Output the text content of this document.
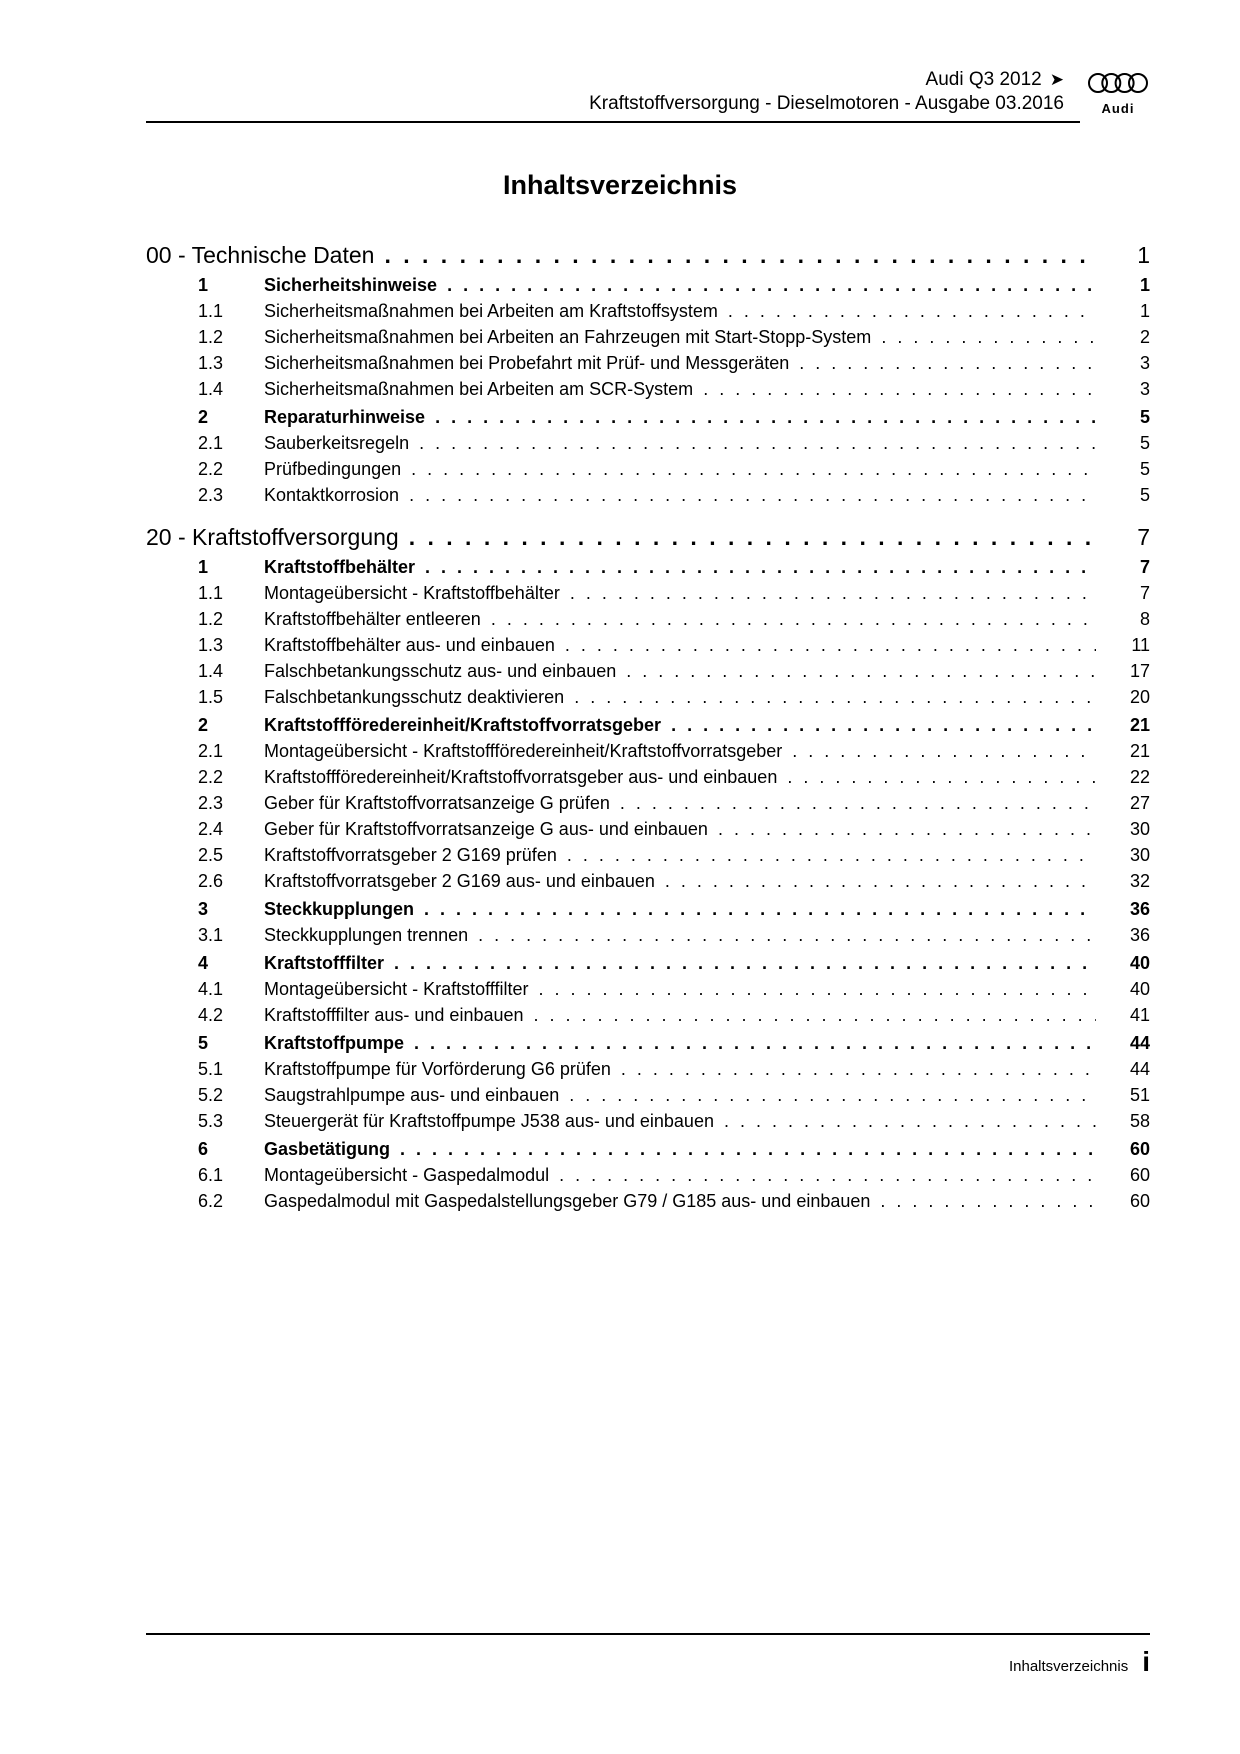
Audi Q3 2012 ➤
Kraftstoffversorgung - Dieselmotoren - Ausgabe 03.2016	Audi
Inhaltsverzeichnis
00 - Technische Daten . . .	1
1	Sicherheitshinweise . . .	1
1.1	Sicherheitsmaßnahmen bei Arbeiten am Kraftstoffsystem . . .	1
1.2	Sicherheitsmaßnahmen bei Arbeiten an Fahrzeugen mit Start-Stopp-System . . .	2
1.3	Sicherheitsmaßnahmen bei Probefahrt mit Prüf- und Messgeräten . . .	3
1.4	Sicherheitsmaßnahmen bei Arbeiten am SCR-System . . .	3
2	Reparaturhinweise . . .	5
2.1	Sauberkeitsregeln . . .	5
2.2	Prüfbedingungen . . .	5
2.3	Kontaktkorrosion . . .	5
20 - Kraftstoffversorgung . . .	7
1	Kraftstoffbehälter . . .	7
1.1	Montageübersicht - Kraftstoffbehälter . . .	7
1.2	Kraftstoffbehälter entleeren . . .	8
1.3	Kraftstoffbehälter aus- und einbauen . . .	11
1.4	Falschbetankungsschutz aus- und einbauen . . .	17
1.5	Falschbetankungsschutz deaktivieren . . .	20
2	Kraftstoffföredereinheit/Kraftstoffvorratsgeber . . .	21
2.1	Montageübersicht - Kraftstoffföredereinheit/Kraftstoffvorratsgeber . . .	21
2.2	Kraftstoffföredereinheit/Kraftstoffvorratsgeber aus- und einbauen . . .	22
2.3	Geber für Kraftstoffvorratsanzeige G prüfen . . .	27
2.4	Geber für Kraftstoffvorratsanzeige G aus- und einbauen . . .	30
2.5	Kraftstoffvorratsgeber 2 G169 prüfen . . .	30
2.6	Kraftstoffvorratsgeber 2 G169 aus- und einbauen . . .	32
3	Steckkupplungen . . .	36
3.1	Steckkupplungen trennen . . .	36
4	Kraftstofffilter . . .	40
4.1	Montageübersicht - Kraftstofffilter . . .	40
4.2	Kraftstofffilter aus- und einbauen . . .	41
5	Kraftstoffpumpe . . .	44
5.1	Kraftstoffpumpe für Vorförderung G6 prüfen . . .	44
5.2	Saugstrahlpumpe aus- und einbauen . . .	51
5.3	Steuergerät für Kraftstoffpumpe J538 aus- und einbauen . . .	58
6	Gasbetätigung . . .	60
6.1	Montageübersicht - Gaspedalmodul . . .	60
6.2	Gaspedalmodul mit Gaspedalstellungsgeber G79 / G185 aus- und einbauen . . .	60
Inhaltsverzeichnis i
